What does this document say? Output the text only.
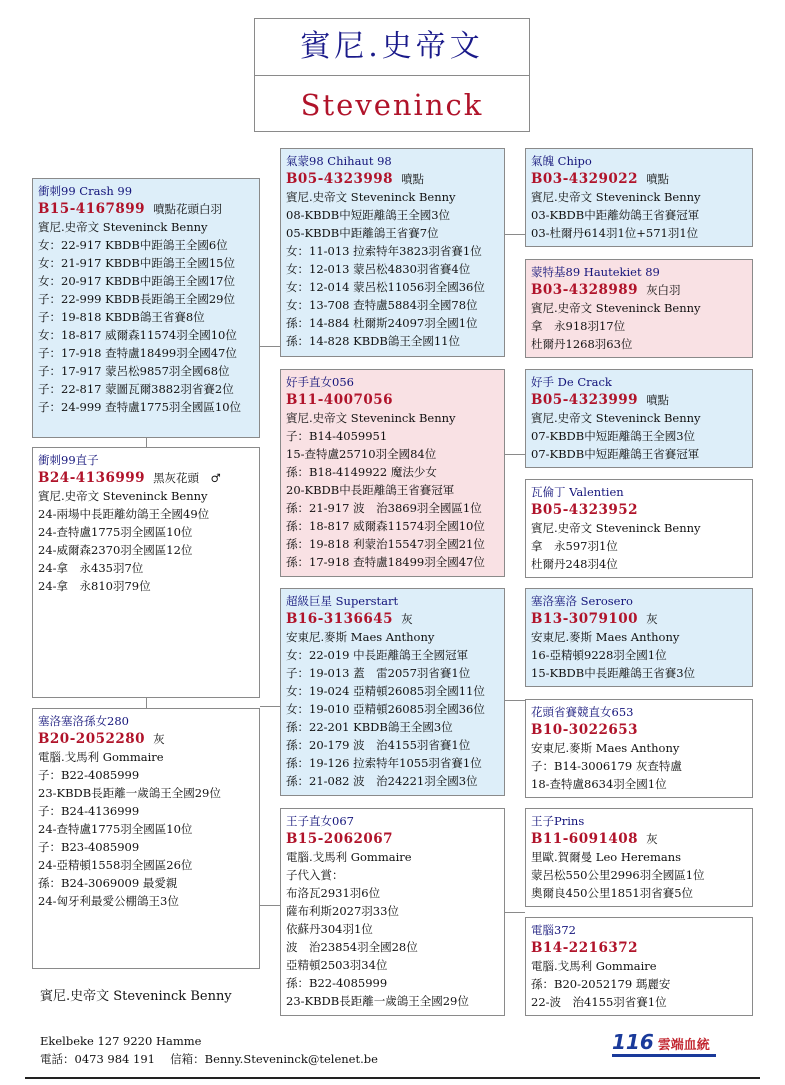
賓尼.史帝文
Steveninck
衝刺99 Crash 99
B15-4167899 噴點花頭白羽
賓尼.史帝文 Steveninck Benny
女：22-917 KBDB中距鴿王全國6位
女：21-917 KBDB中距鴿王全國15位
女：20-917 KBDB中距鴿王全國17位
子：22-999 KBDB長距鴿王全國29位
子：19-818 KBDB鴿王省賽8位
女：18-817 威爾森11574羽全國10位
子：17-918 查特盧18499羽全國47位
子：17-917 蒙呂松9857羽全國68位
子：22-817 蒙圖瓦爾3882羽省賽2位
子：24-999 查特盧1775羽全國區10位
氣蒙98 Chihaut 98
B05-4323998 噴點
賓尼.史帝文 Steveninck Benny
08-KBDB中短距離鴿王全國3位
05-KBDB中距離鴿王省賽7位
女：11-013 拉索特年3823羽省賽1位
女：12-013 蒙呂松4830羽省賽4位
女：12-014 蒙呂松11056羽全國36位
女：13-708 查特盧5884羽全國78位
孫：14-884 杜爾斯24097羽全國1位
孫：14-828 KBDB鴿王全國11位
好手直女056
B11-4007056
賓尼.史帝文 Steveninck Benny
子：B14-4059951
15-查特盧25710羽全國84位
孫：B18-4149922 魔法少女
20-KBDB中長距離鴿王省賽冠軍
孫：21-917 波　治3869羽全國區1位
孫：18-817 威爾森11574羽全國10位
孫：19-818 利蒙治15547羽全國21位
孫：17-918 查特盧18499羽全國47位
氣魄 Chipo
B03-4329022 噴點
賓尼.史帝文 Steveninck Benny
03-KBDB中距離幼鴿王省賽冠軍
03-杜爾丹614羽1位+571羽1位
蒙特基89 Hautekiet 89
B03-4328989 灰白羽
賓尼.史帝文 Steveninck Benny
拿　永918羽17位
杜爾丹1268羽63位
好手 De Crack
B05-4323999 噴點
賓尼.史帝文 Steveninck Benny
07-KBDB中短距離鴿王全國3位
07-KBDB中短距離鴿王省賽冠軍
瓦倫丁 Valentien
B05-4323952
賓尼.史帝文 Steveninck Benny
拿　永597羽1位
杜爾丹248羽4位
衝刺99直子
B24-4136999 黑灰花頭　♂
賓尼.史帝文 Steveninck Benny
24-兩場中長距離幼鴿王全國49位
24-查特盧1775羽全國區10位
24-威爾森2370羽全國區12位
24-拿　永435羽7位
24-拿　永810羽79位
塞洛塞洛孫女280
B20-2052280 灰
電腦.戈馬利 Gommaire
子：B22-4085999
23-KBDB長距離一歲鴿王全國29位
子：B24-4136999
24-查特盧1775羽全國區10位
子：B23-4085909
24-亞精頓1558羽全國區26位
孫：B24-3069009 最愛親
24-匈牙利最愛公棚鴿王3位
超級巨星 Superstart
B16-3136645 灰
安東尼.麥斯 Maes Anthony
女：22-019 中長距離鴿王全國冠軍
子：19-013 蓋　雷2057羽省賽1位
女：19-024 亞精頓26085羽全國11位
女：19-010 亞精頓26085羽全國36位
孫：22-201 KBDB鴿王全國3位
孫：20-179 波　治4155羽省賽1位
孫：19-126 拉索特年1055羽省賽1位
孫：21-082 波　治24221羽全國3位
塞洛塞洛 Serosero
B13-3079100 灰
安東尼.麥斯 Maes Anthony
16-亞精頓9228羽全國1位
15-KBDB中長距離鴿王省賽3位
花頭省賽競直女653
B10-3022653
安東尼.麥斯 Maes Anthony
子：B14-3006179 灰查特盧
18-查特盧8634羽全國1位
王子直女067
B15-2062067
電腦.戈馬利 Gommaire
子代入賞：
布洛瓦2931羽6位
薩布利斯2027羽33位
依蘇丹304羽1位
波　治23854羽全國28位
亞精頓2503羽34位
孫：B22-4085999
23-KBDB長距離一歲鴿王全國29位
王子Prins
B11-6091408 灰
里歐.賀爾曼 Leo Heremans
蒙呂松550公里2996羽全國區1位
奧爾良450公里1851羽省賽5位
電腦372
B14-2216372
電腦.戈馬利 Gommaire
孫：B20-2052179 瑪麗安
22-波　治4155羽省賽1位
賓尼.史帝文 Steveninck Benny
Ekelbeke 127 9220 Hamme
電話：0473 984 191　 信箱：Benny.Steveninck@telenet.be
116 雲端血統
